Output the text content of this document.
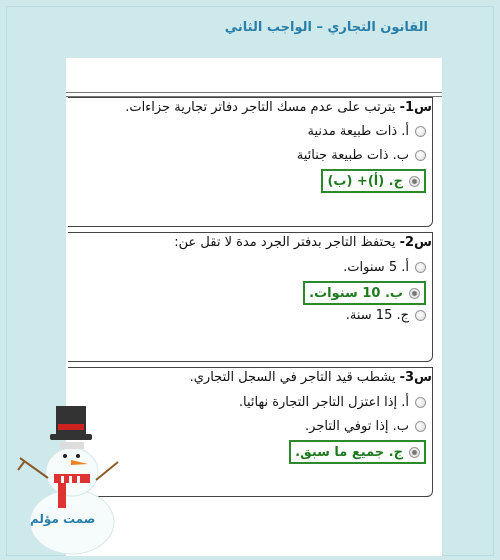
القانون التجاري – الواجب الثاني
س1- يترتب على عدم مسك التاجر دفاتر تجارية جزاءات.
أ. ذات طبيعة مدنية
ب. ذات طبيعة جنائية
ج. (أ)+ (ب)
س2- يحتفظ التاجر بدفتر الجرد مدة لا تقل عن:
أ. 5 سنوات.
ب. 10 سنوات.
ج. 15 سنة.
س3- يشطب قيد التاجر في السجل التجاري.
أ. إذا اعتزل التاجر التجارة نهائيا.
ب. إذا توفي التاجر.
ج. جميع ما سبق.
صمت مؤلم
